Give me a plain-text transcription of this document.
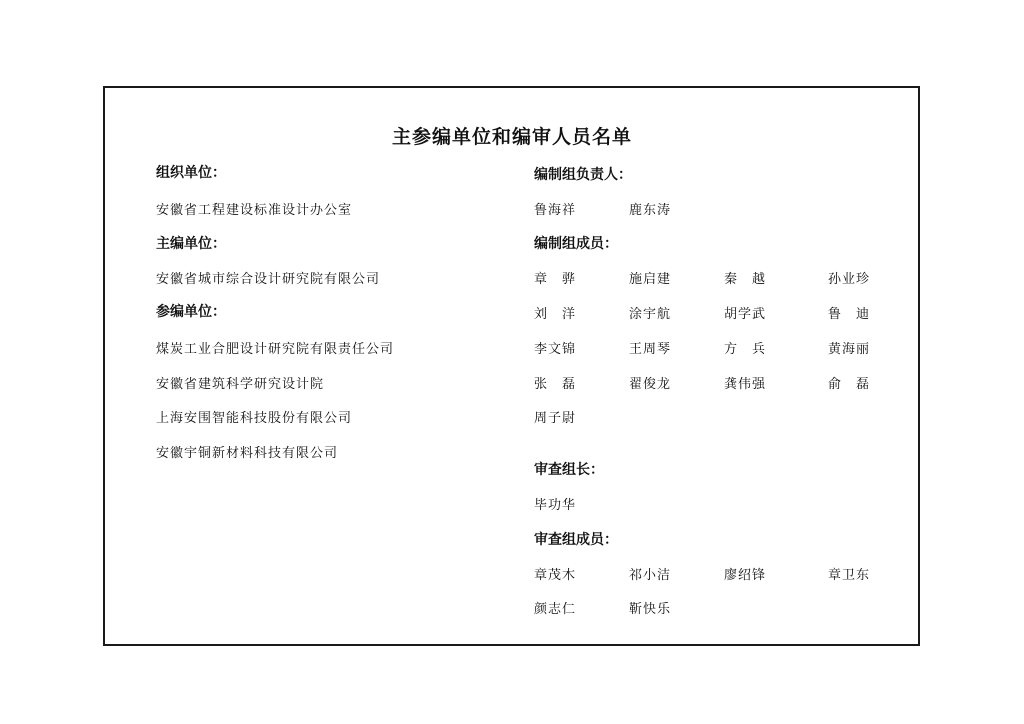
主参编单位和编审人员名单
组织单位：
安徽省工程建设标准设计办公室
主编单位：
安徽省城市综合设计研究院有限公司
参编单位：
煤炭工业合肥设计研究院有限责任公司
安徽省建筑科学研究设计院
上海安围智能科技股份有限公司
安徽宇铜新材料科技有限公司
编制组负责人：
鲁海祥	鹿东涛
编制组成员：
章骅	施启建	秦越	孙业珍
刘洋	涂宇航	胡学武	鲁迪
李文锦	王周琴	方兵	黄海丽
张磊	翟俊龙	龚伟强	俞磊
周子尉
审查组长：
毕功华
审查组成员：
章茂木	祁小洁	廖绍锋	章卫东
颜志仁	靳快乐
